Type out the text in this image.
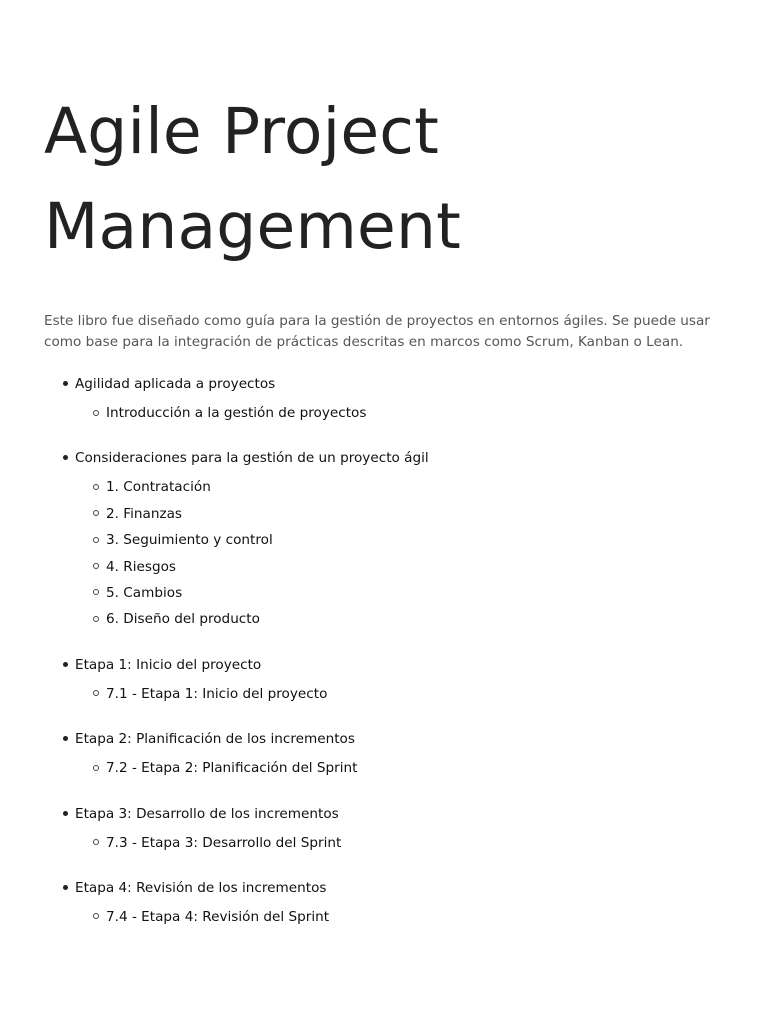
Agile Project
Management

Este libro fue diseñado como guía para la gestión de proyectos en entornos ágiles. Se puede usar como base para la integración de prácticas descritas en marcos como Scrum, Kanban o Lean.

Agilidad aplicada a proyectos
Introducción a la gestión de proyectos
Consideraciones para la gestión de un proyecto ágil
1. Contratación
2. Finanzas
3. Seguimiento y control
4. Riesgos
5. Cambios
6. Diseño del producto
Etapa 1: Inicio del proyecto
7.1 - Etapa 1: Inicio del proyecto
Etapa 2: Planificación de los incrementos
7.2 - Etapa 2: Planificación del Sprint
Etapa 3: Desarrollo de los incrementos
7.3 - Etapa 3: Desarrollo del Sprint
Etapa 4: Revisión de los incrementos
7.4 - Etapa 4: Revisión del Sprint
